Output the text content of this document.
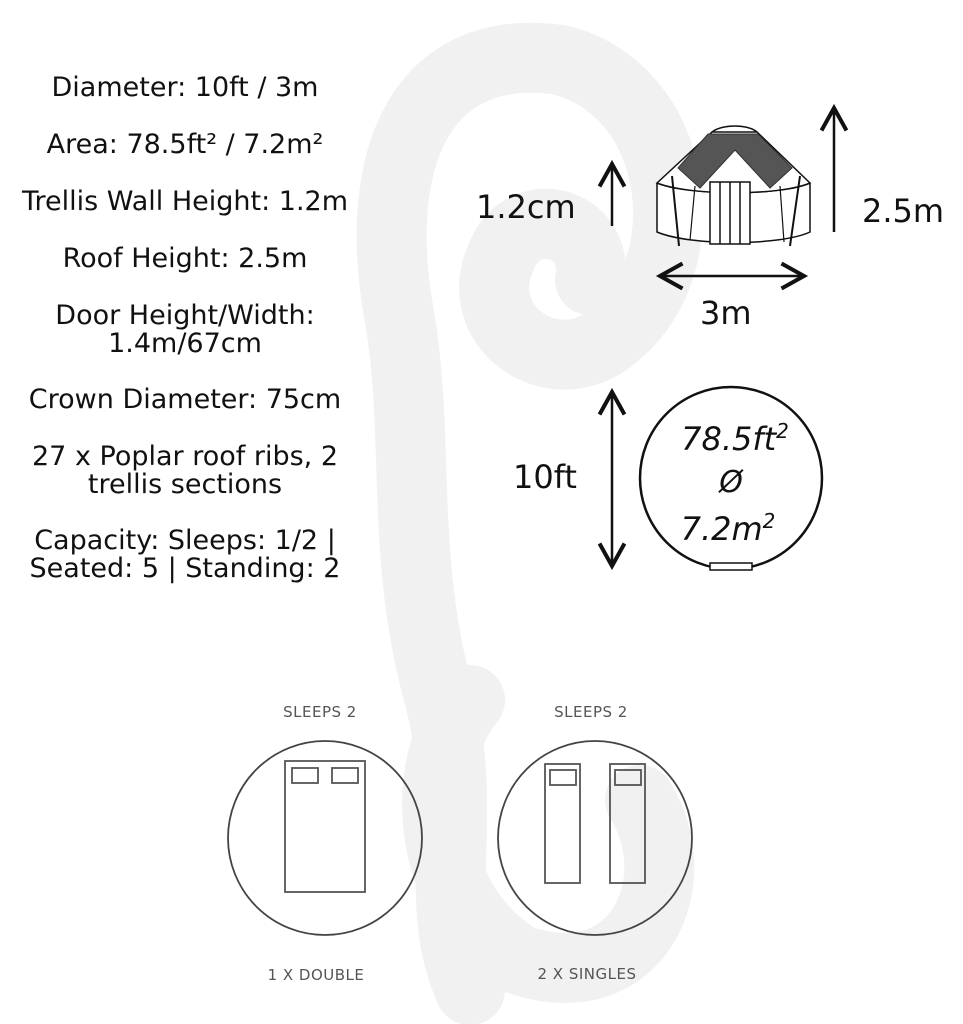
Diameter: 10ft / 3m
Area: 78.5ft² / 7.2m²
Trellis Wall Height: 1.2m
Roof Height: 2.5m
Door Height/Width:
1.4m/67cm
Crown Diameter: 75cm
27 x Poplar roof ribs, 2
trellis sections
Capacity: Sleeps: 1/2 |
Seated: 5 | Standing: 2
1.2cm	2.5m
3m
10ft
$78.5ft^2$
Ø
$7.2m^2$
SLEEPS 2
1 X DOUBLE
SLEEPS 2
2 X SINGLES
